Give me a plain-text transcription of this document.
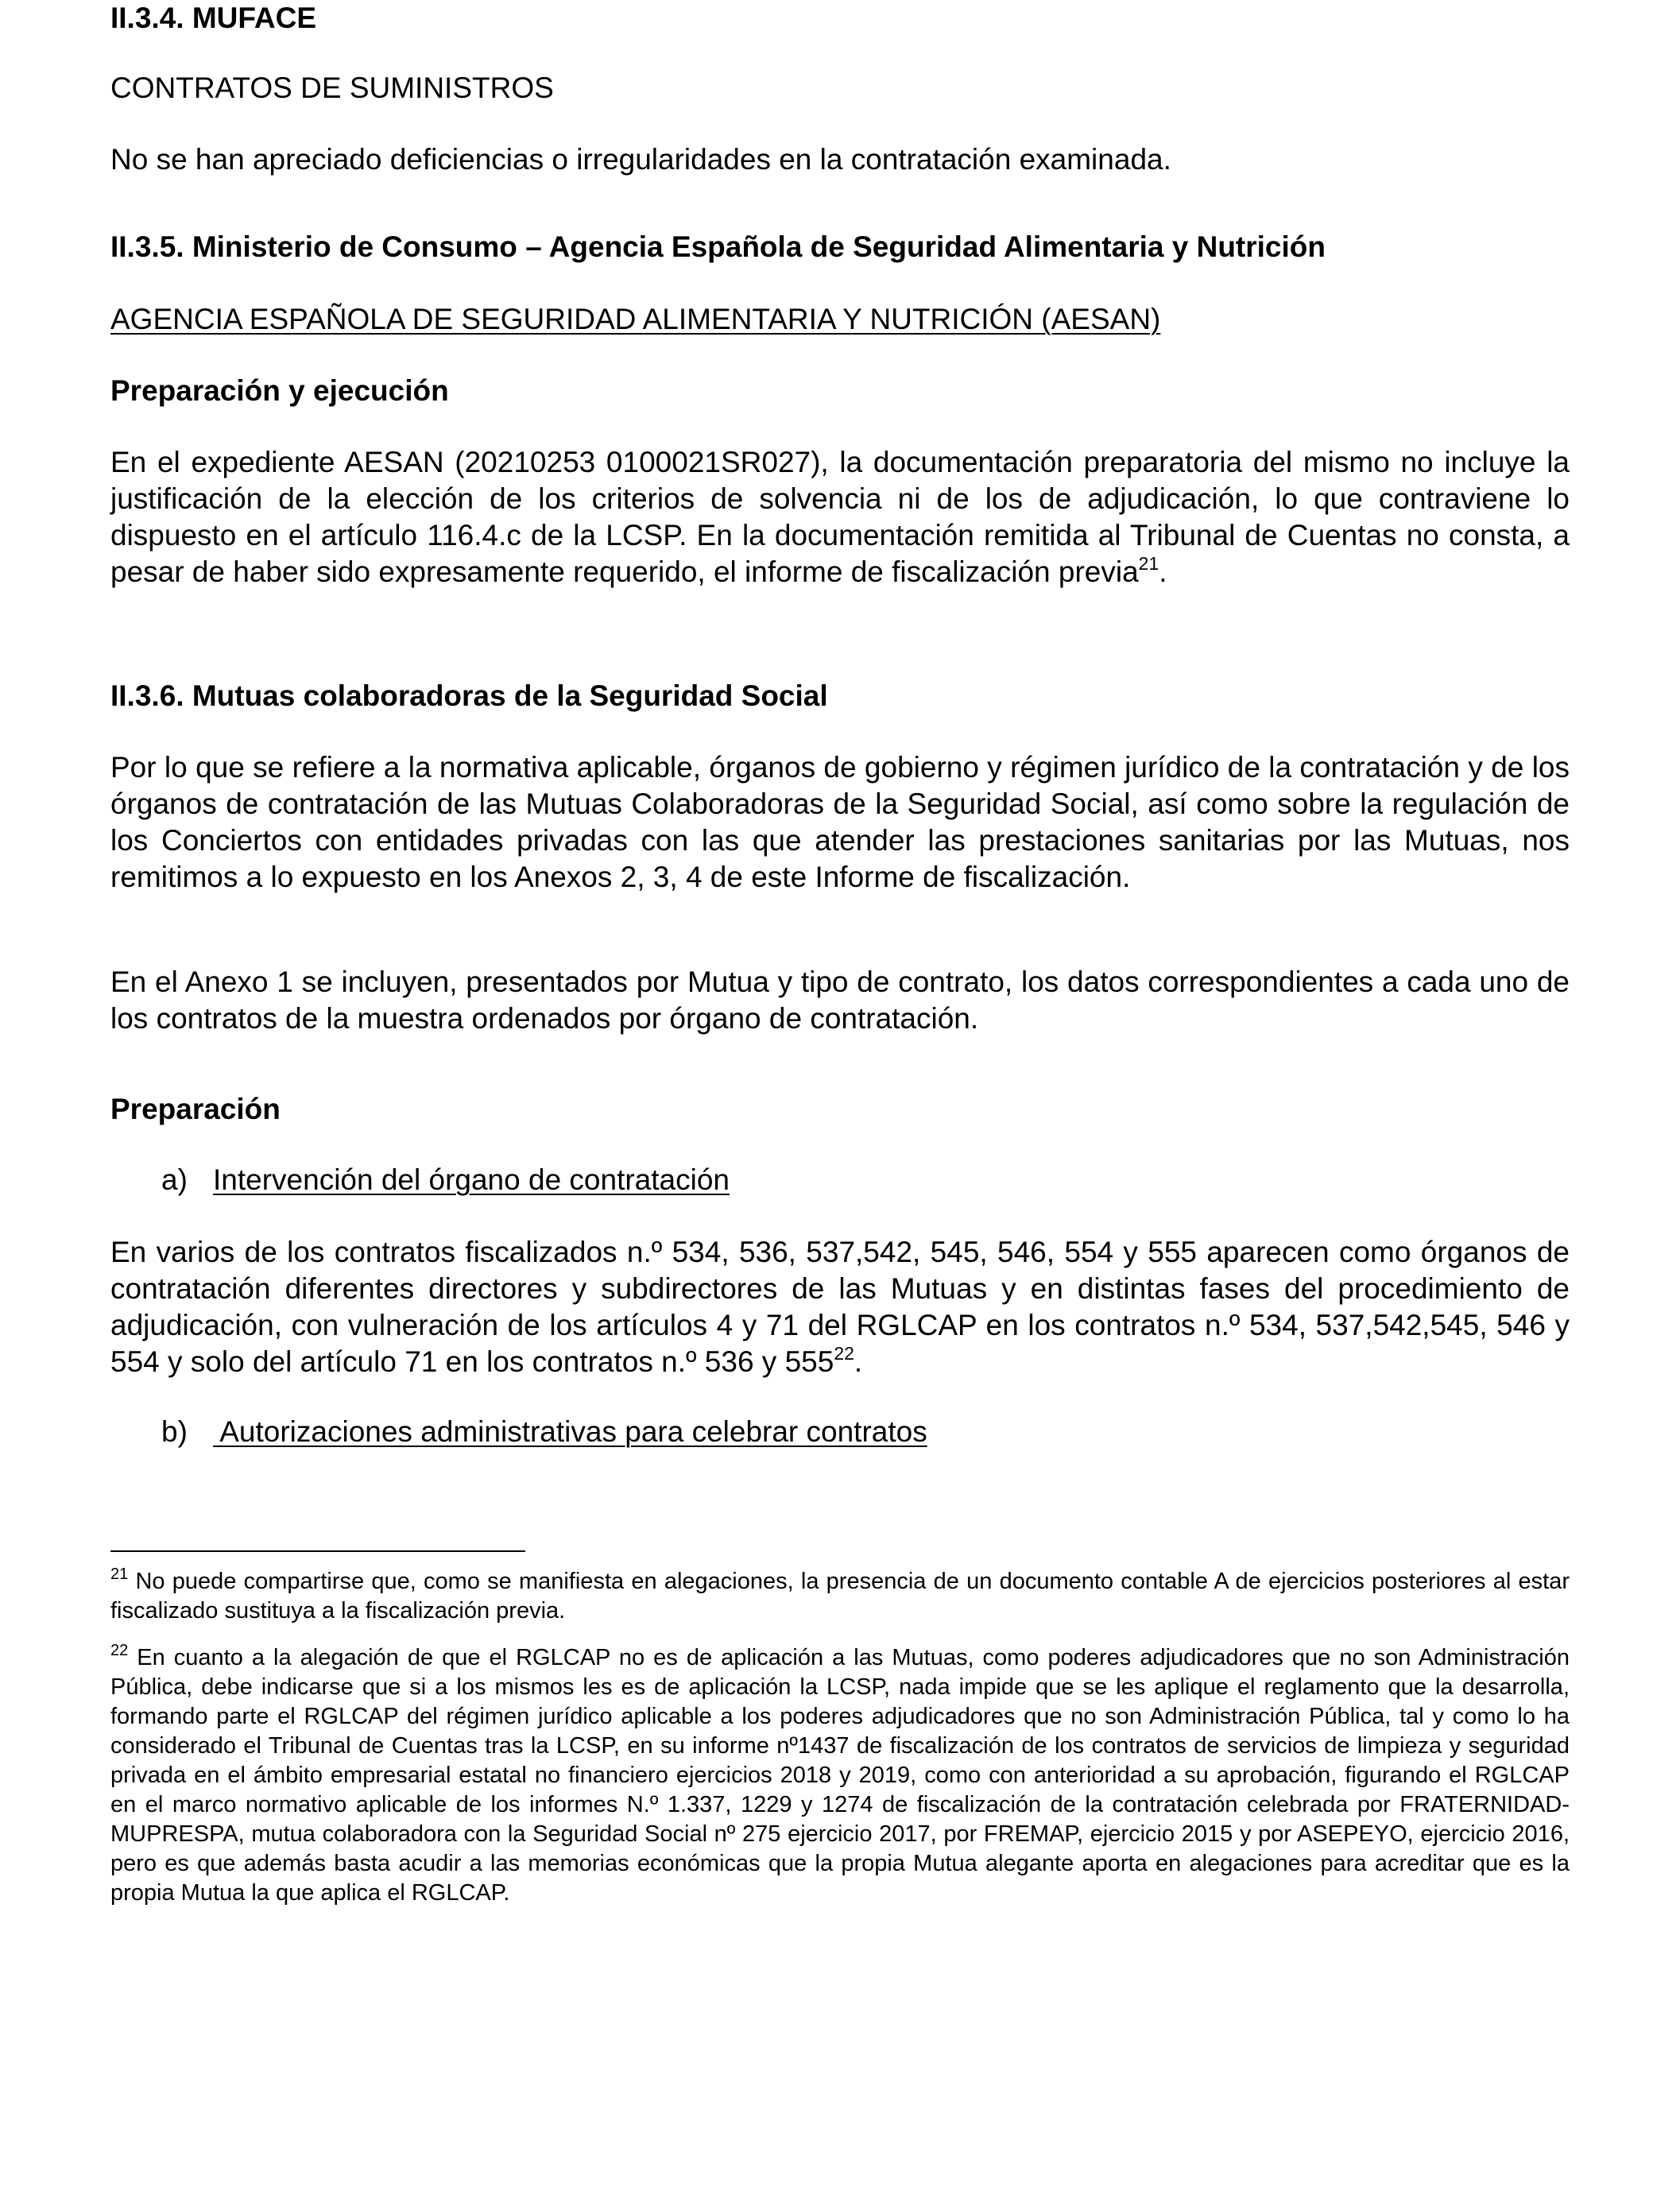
II.3.4. MUFACE

CONTRATOS DE SUMINISTROS

No se han apreciado deficiencias o irregularidades en la contratación examinada.

II.3.5. Ministerio de Consumo – Agencia Española de Seguridad Alimentaria y Nutrición

AGENCIA ESPAÑOLA DE SEGURIDAD ALIMENTARIA Y NUTRICIÓN (AESAN)

Preparación y ejecución

En el expediente AESAN (20210253 0100021SR027), la documentación preparatoria del mismo no incluye la justificación de la elección de los criterios de solvencia ni de los de adjudicación, lo que contraviene lo dispuesto en el artículo 116.4.c de la LCSP. En la documentación remitida al Tribunal de Cuentas no consta, a pesar de haber sido expresamente requerido, el informe de fiscalización previa$^{21}$.

II.3.6. Mutuas colaboradoras de la Seguridad Social

Por lo que se refiere a la normativa aplicable, órganos de gobierno y régimen jurídico de la contratación y de los órganos de contratación de las Mutuas Colaboradoras de la Seguridad Social, así como sobre la regulación de los Conciertos con entidades privadas con las que atender las prestaciones sanitarias por las Mutuas, nos remitimos a lo expuesto en los Anexos 2, 3, 4 de este Informe de fiscalización.

En el Anexo 1 se incluyen, presentados por Mutua y tipo de contrato, los datos correspondientes a cada uno de los contratos de la muestra ordenados por órgano de contratación.

Preparación

a) Intervención del órgano de contratación

En varios de los contratos fiscalizados n.º 534, 536, 537,542, 545, 546, 554 y 555 aparecen como órganos de contratación diferentes directores y subdirectores de las Mutuas y en distintas fases del procedimiento de adjudicación, con vulneración de los artículos 4 y 71 del RGLCAP en los contratos n.º 534, 537,542,545, 546 y 554 y solo del artículo 71 en los contratos n.º 536 y $555^{22}$.

b) Autorizaciones administrativas para celebrar contratos

$^{21}$ No puede compartirse que, como se manifiesta en alegaciones, la presencia de un documento contable A de ejercicios posteriores al estar fiscalizado sustituya a la fiscalización previa.

$^{22}$ En cuanto a la alegación de que el RGLCAP no es de aplicación a las Mutuas, como poderes adjudicadores que no son Administración Pública, debe indicarse que si a los mismos les es de aplicación la LCSP, nada impide que se les aplique el reglamento que la desarrolla, formando parte el RGLCAP del régimen jurídico aplicable a los poderes adjudicadores que no son Administración Pública, tal y como lo ha considerado el Tribunal de Cuentas tras la LCSP, en su informe nº1437 de fiscalización de los contratos de servicios de limpieza y seguridad privada en el ámbito empresarial estatal no financiero ejercicios 2018 y 2019, como con anterioridad a su aprobación, figurando el RGLCAP en el marco normativo aplicable de los informes N.º 1.337, 1229 y 1274 de fiscalización de la contratación celebrada por FRATERNIDAD-MUPRESPA, mutua colaboradora con la Seguridad Social nº 275 ejercicio 2017, por FREMAP, ejercicio 2015 y por ASEPEYO, ejercicio 2016, pero es que además basta acudir a las memorias económicas que la propia Mutua alegante aporta en alegaciones para acreditar que es la propia Mutua la que aplica el RGLCAP.
